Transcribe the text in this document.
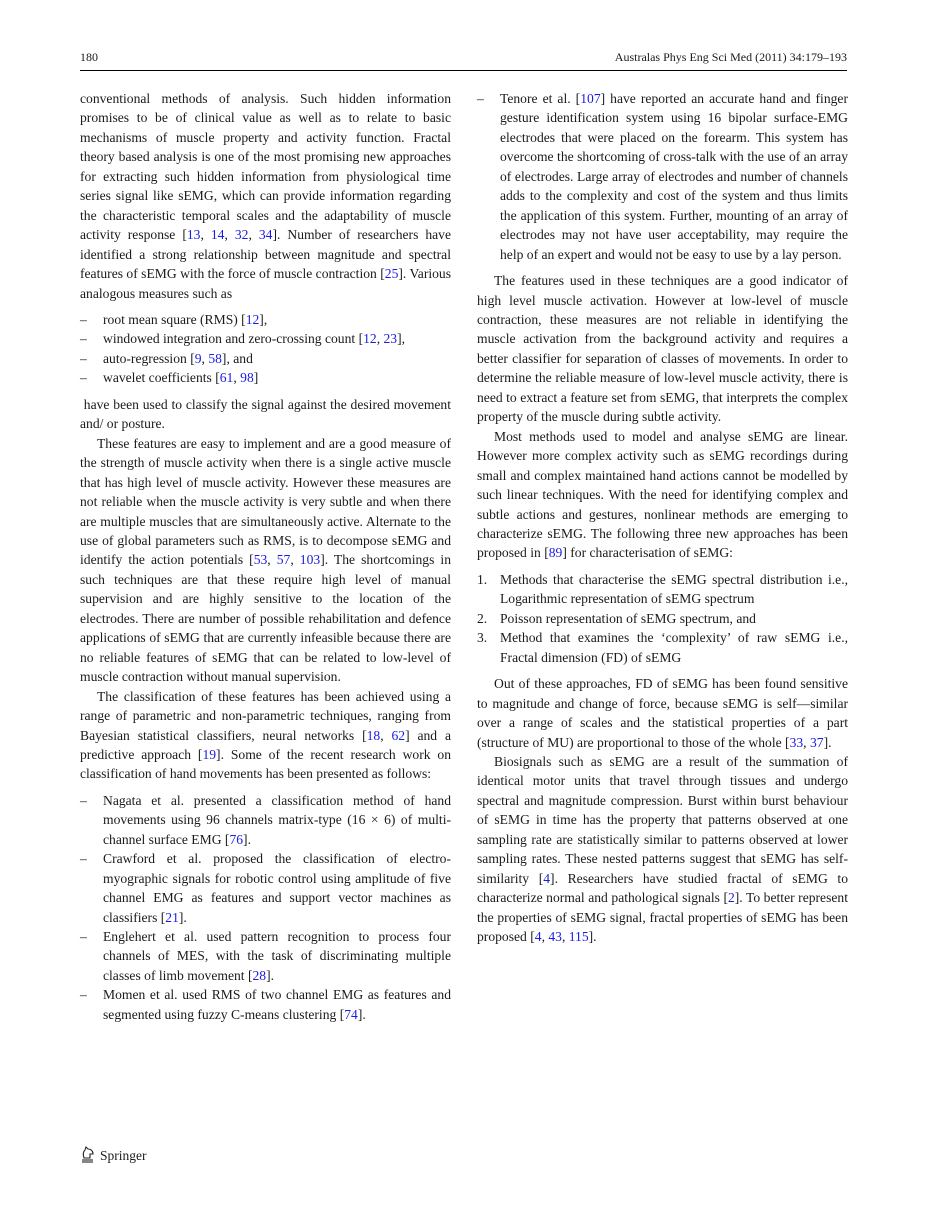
180	Australas Phys Eng Sci Med (2011) 34:179–193

conventional methods of analysis. Such hidden information promises to be of clinical value as well as to relate to basic mechanisms of muscle property and activity function. Fractal theory based analysis is one of the most promising new approaches for extracting such hidden information from physiological time series signal like sEMG, which can provide information regarding the characteristic temporal scales and the adaptability of muscle activity response [13, 14, 32, 34]. Number of researchers have identified a strong relationship between magnitude and spectral features of sEMG with the force of muscle contraction [25]. Various analogous measures such as

– root mean square (RMS) [12],
– windowed integration and zero-crossing count [12, 23],
– auto-regression [9, 58], and
– wavelet coefficients [61, 98]

have been used to classify the signal against the desired movement and/ or posture.

These features are easy to implement and are a good measure of the strength of muscle activity when there is a single active muscle that has high level of muscle activity. However these measures are not reliable when the muscle activity is very subtle and when there are multiple muscles that are simultaneously active. Alternate to the use of global parameters such as RMS, is to decompose sEMG and identify the action potentials [53, 57, 103]. The shortcomings in such techniques are that these require high level of manual supervision and are highly sensitive to the location of the electrodes. There are number of possible rehabilitation and defence applications of sEMG that are currently infeasible because there are no reliable features of sEMG that can be related to low-level of muscle contraction without manual supervision.

The classification of these features has been achieved using a range of parametric and non-parametric techniques, ranging from Bayesian statistical classifiers, neural networks [18, 62] and a predictive approach [19]. Some of the recent research work on classification of hand movements has been presented as follows:

– Nagata et al. presented a classification method of hand movements using 96 channels matrix-type (16 × 6) of multi-channel surface EMG [76].
– Crawford et al. proposed the classification of electromyographic signals for robotic control using amplitude of five channel EMG as features and support vector machines as classifiers [21].
– Englehert et al. used pattern recognition to process four channels of MES, with the task of discriminating multiple classes of limb movement [28].
– Momen et al. used RMS of two channel EMG as features and segmented using fuzzy C-means clustering [74].
– Tenore et al. [107] have reported an accurate hand and finger gesture identification system using 16 bipolar surface-EMG electrodes that were placed on the forearm. This system has overcome the shortcoming of cross-talk with the use of an array of electrodes. Large array of electrodes and number of channels adds to the complexity and cost of the system and thus limits the application of this system. Further, mounting of an array of electrodes may not have user acceptability, may require the help of an expert and would not be easy to use by a lay person.

The features used in these techniques are a good indicator of high level muscle activation. However at low-level of muscle contraction, these measures are not reliable in identifying the muscle activation from the background activity and requires a better classifier for separation of classes of movements. In order to determine the reliable measure of low-level muscle activity, there is need to extract a feature set from sEMG, that interprets the complex property of the muscle during subtle activity.

Most methods used to model and analyse sEMG are linear. However more complex activity such as sEMG recordings during small and complex maintained hand actions cannot be modelled by such linear techniques. With the need for identifying complex and subtle actions and gestures, nonlinear methods are emerging to characterize sEMG. The following three new approaches has been proposed in [89] for characterisation of sEMG:

1. Methods that characterise the sEMG spectral distribution i.e., Logarithmic representation of sEMG spectrum
2. Poisson representation of sEMG spectrum, and
3. Method that examines the ‘complexity’ of raw sEMG i.e., Fractal dimension (FD) of sEMG

Out of these approaches, FD of sEMG has been found sensitive to magnitude and change of force, because sEMG is self—similar over a range of scales and the statistical properties of a part (structure of MU) are proportional to those of the whole [33, 37].

Biosignals such as sEMG are a result of the summation of identical motor units that travel through tissues and undergo spectral and magnitude compression. Burst within burst behaviour of sEMG in time has the property that patterns observed at one sampling rate are statistically similar to patterns observed at lower sampling rates. These nested patterns suggest that sEMG has self-similarity [4]. Researchers have studied fractal of sEMG to characterize normal and pathological signals [2]. To better represent the properties of sEMG signal, fractal properties of sEMG has been proposed [4, 43, 115].

Springer
